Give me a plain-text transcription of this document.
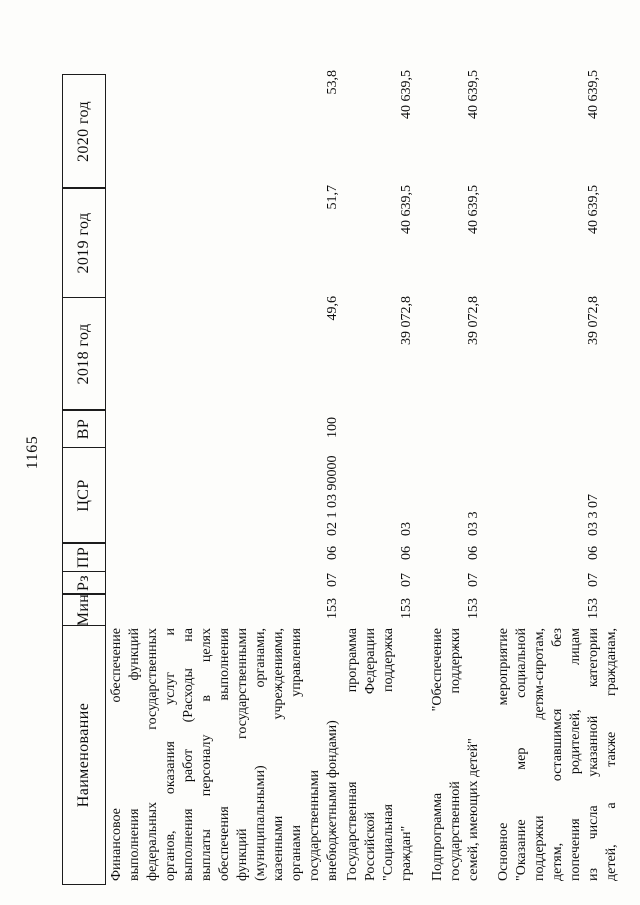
1165
Наименование
Мин
Рз
ПР
ЦСР
ВР
2018 год
2019 год
2020 год
Финансовое обеспечение выполнения функций федеральных государственных органов, оказания услуг и выполнения работ (Расходы на выплаты персоналу в целях обеспечения выполнения функций государственными (муниципальными) органами, казенными учреждениями, органами управления государственными внебюджетными фондами)
153
07
06
02 1 03 90000
100
49,6
51,7
53,8
Государственная программа Российской Федерации "Социальная поддержка граждан"
153
07
06
03
39 072,8
40 639,5
40 639,5
Подпрограмма "Обеспечение государственной поддержки семей, имеющих детей"
153
07
06
03 3
39 072,8
40 639,5
40 639,5
Основное мероприятие "Оказание мер социальной поддержки детям-сиротам, детям, оставшимся без попечения родителей, лицам из числа указанной категории детей, а также гражданам,
153
07
06
03 3 07
39 072,8
40 639,5
40 639,5
